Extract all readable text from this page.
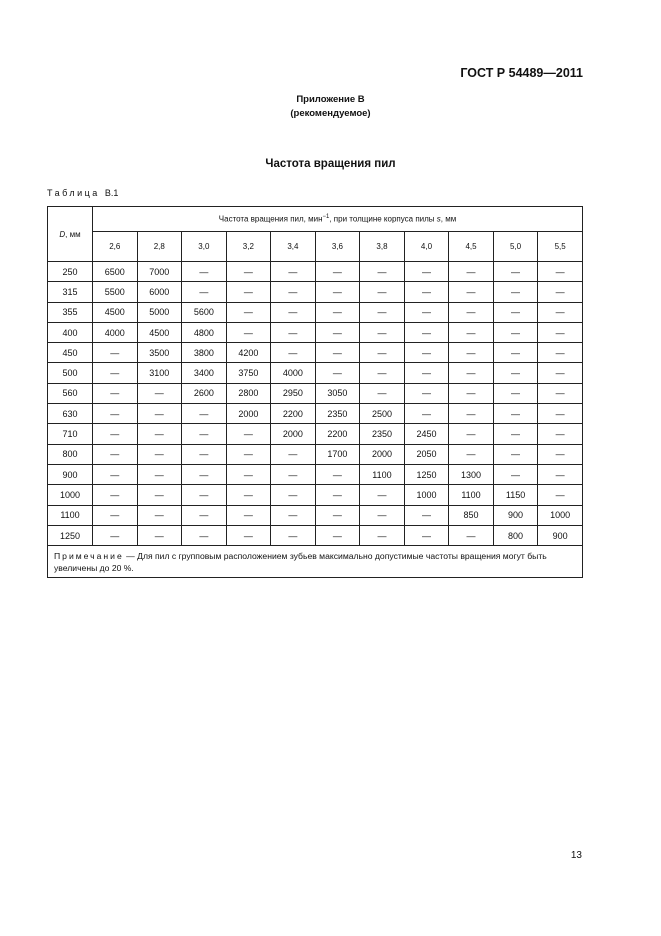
ГОСТ Р 54489—2011
Приложение В
(рекомендуемое)
Частота вращения пил
Таблица В.1
D, мм	Частота вращения пил, мин$^{-1}$, при толщине корпуса пилы s, мм										
	2,6	2,8	3,0	3,2	3,4	3,6	3,8	4,0	4,5	5,0	5,5
250	6500	7000	—	—	—	—	—	—	—	—	—
315	5500	6000	—	—	—	—	—	—	—	—	—
355	4500	5000	5600	—	—	—	—	—	—	—	—
400	4000	4500	4800	—	—	—	—	—	—	—	—
450	—	3500	3800	4200	—	—	—	—	—	—	—
500	—	3100	3400	3750	4000	—	—	—	—	—	—
560	—	—	2600	2800	2950	3050	—	—	—	—	—
630	—	—	—	2000	2200	2350	2500	—	—	—	—
710	—	—	—	—	2000	2200	2350	2450	—	—	—
800	—	—	—	—	—	1700	2000	2050	—	—	—
900	—	—	—	—	—	—	1100	1250	1300	—	—
1000	—	—	—	—	—	—	—	1000	1100	1150	—
1100	—	—	—	—	—	—	—	—	850	900	1000
1250	—	—	—	—	—	—	—	—	—	800	900
Примечание — Для пил с групповым расположением зубьев максимально допустимые частоты вращения могут быть увеличены до 20 %.											
13
